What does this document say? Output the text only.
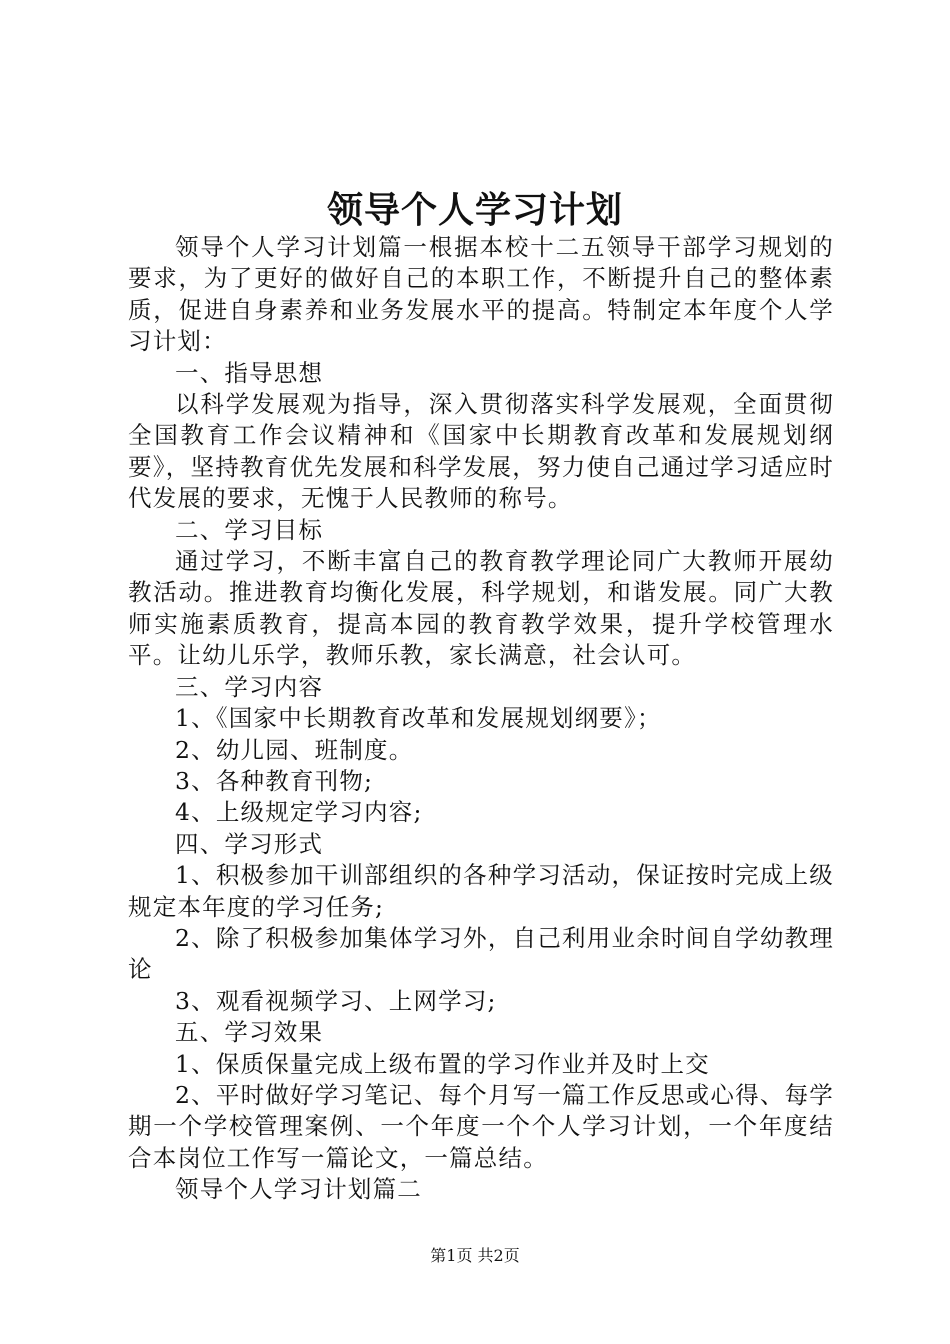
领导个人学习计划

领导个人学习计划篇一根据本校十二五领导干部学习规划的要求，为了更好的做好自己的本职工作，不断提升自己的整体素质，促进自身素养和业务发展水平的提高。特制定本年度个人学习计划：

一、指导思想

以科学发展观为指导，深入贯彻落实科学发展观，全面贯彻全国教育工作会议精神和《国家中长期教育改革和发展规划纲要》，坚持教育优先发展和科学发展，努力使自己通过学习适应时代发展的要求，无愧于人民教师的称号。

二、学习目标

通过学习，不断丰富自己的教育教学理论同广大教师开展幼教活动。推进教育均衡化发展，科学规划，和谐发展。同广大教师实施素质教育，提高本园的教育教学效果，提升学校管理水平。让幼儿乐学，教师乐教，家长满意，社会认可。

三、学习内容

1、《国家中长期教育改革和发展规划纲要》；

2、幼儿园、班制度。

3、各种教育刊物;

4、上级规定学习内容;

四、学习形式

1、积极参加干训部组织的各种学习活动，保证按时完成上级规定本年度的学习任务;

2、除了积极参加集体学习外，自己利用业余时间自学幼教理论

3、观看视频学习、上网学习;

五、学习效果

1、保质保量完成上级布置的学习作业并及时上交

2、平时做好学习笔记、每个月写一篇工作反思或心得、每学期一个学校管理案例、一个年度一个个人学习计划，一个年度结合本岗位工作写一篇论文，一篇总结。

领导个人学习计划篇二

第1页 共2页
